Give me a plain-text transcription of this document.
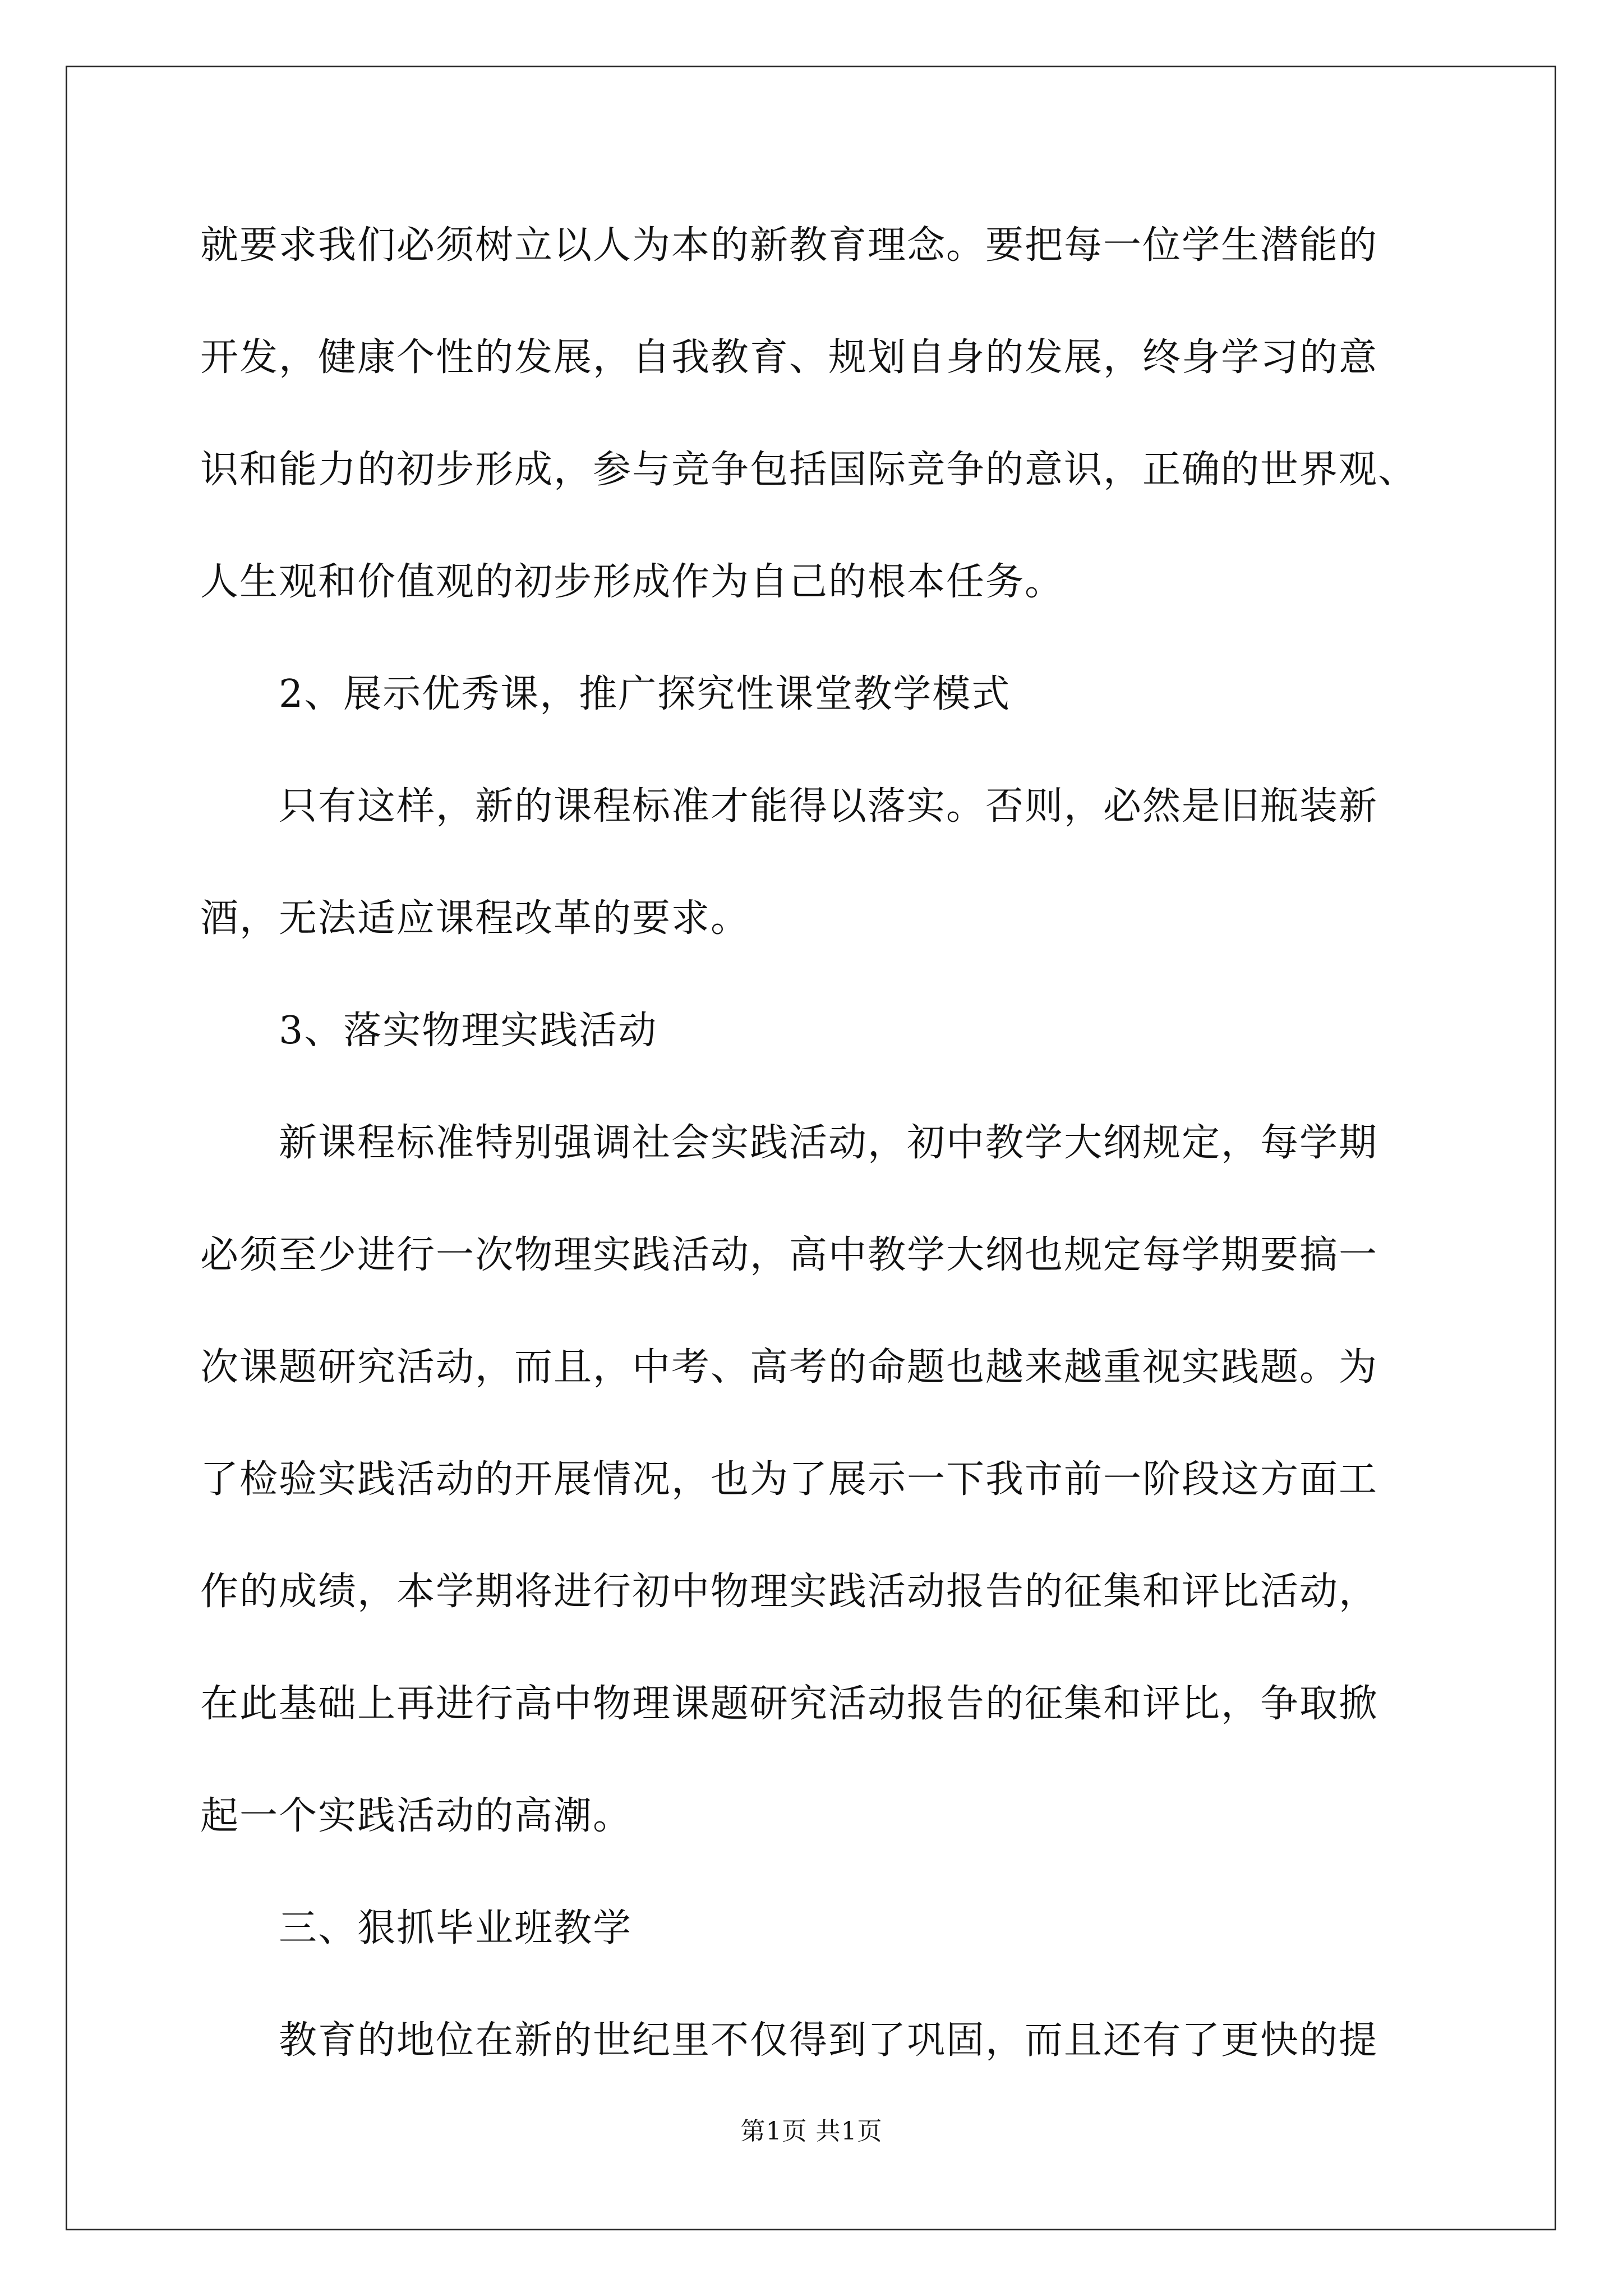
就要求我们必须树立以人为本的新教育理念。要把每一位学生潜能的
开发，健康个性的发展，自我教育、规划自身的发展，终身学习的意
识和能力的初步形成，参与竞争包括国际竞争的意识，正确的世界观、
人生观和价值观的初步形成作为自己的根本任务。
2、展示优秀课，推广探究性课堂教学模式
只有这样，新的课程标准才能得以落实。否则，必然是旧瓶装新
酒，无法适应课程改革的要求。
3、落实物理实践活动
新课程标准特别强调社会实践活动，初中教学大纲规定，每学期
必须至少进行一次物理实践活动，高中教学大纲也规定每学期要搞一
次课题研究活动，而且，中考、高考的命题也越来越重视实践题。为
了检验实践活动的开展情况，也为了展示一下我市前一阶段这方面工
作的成绩，本学期将进行初中物理实践活动报告的征集和评比活动，
在此基础上再进行高中物理课题研究活动报告的征集和评比，争取掀
起一个实践活动的高潮。
三、狠抓毕业班教学
教育的地位在新的世纪里不仅得到了巩固，而且还有了更快的提
第1页 共1页
